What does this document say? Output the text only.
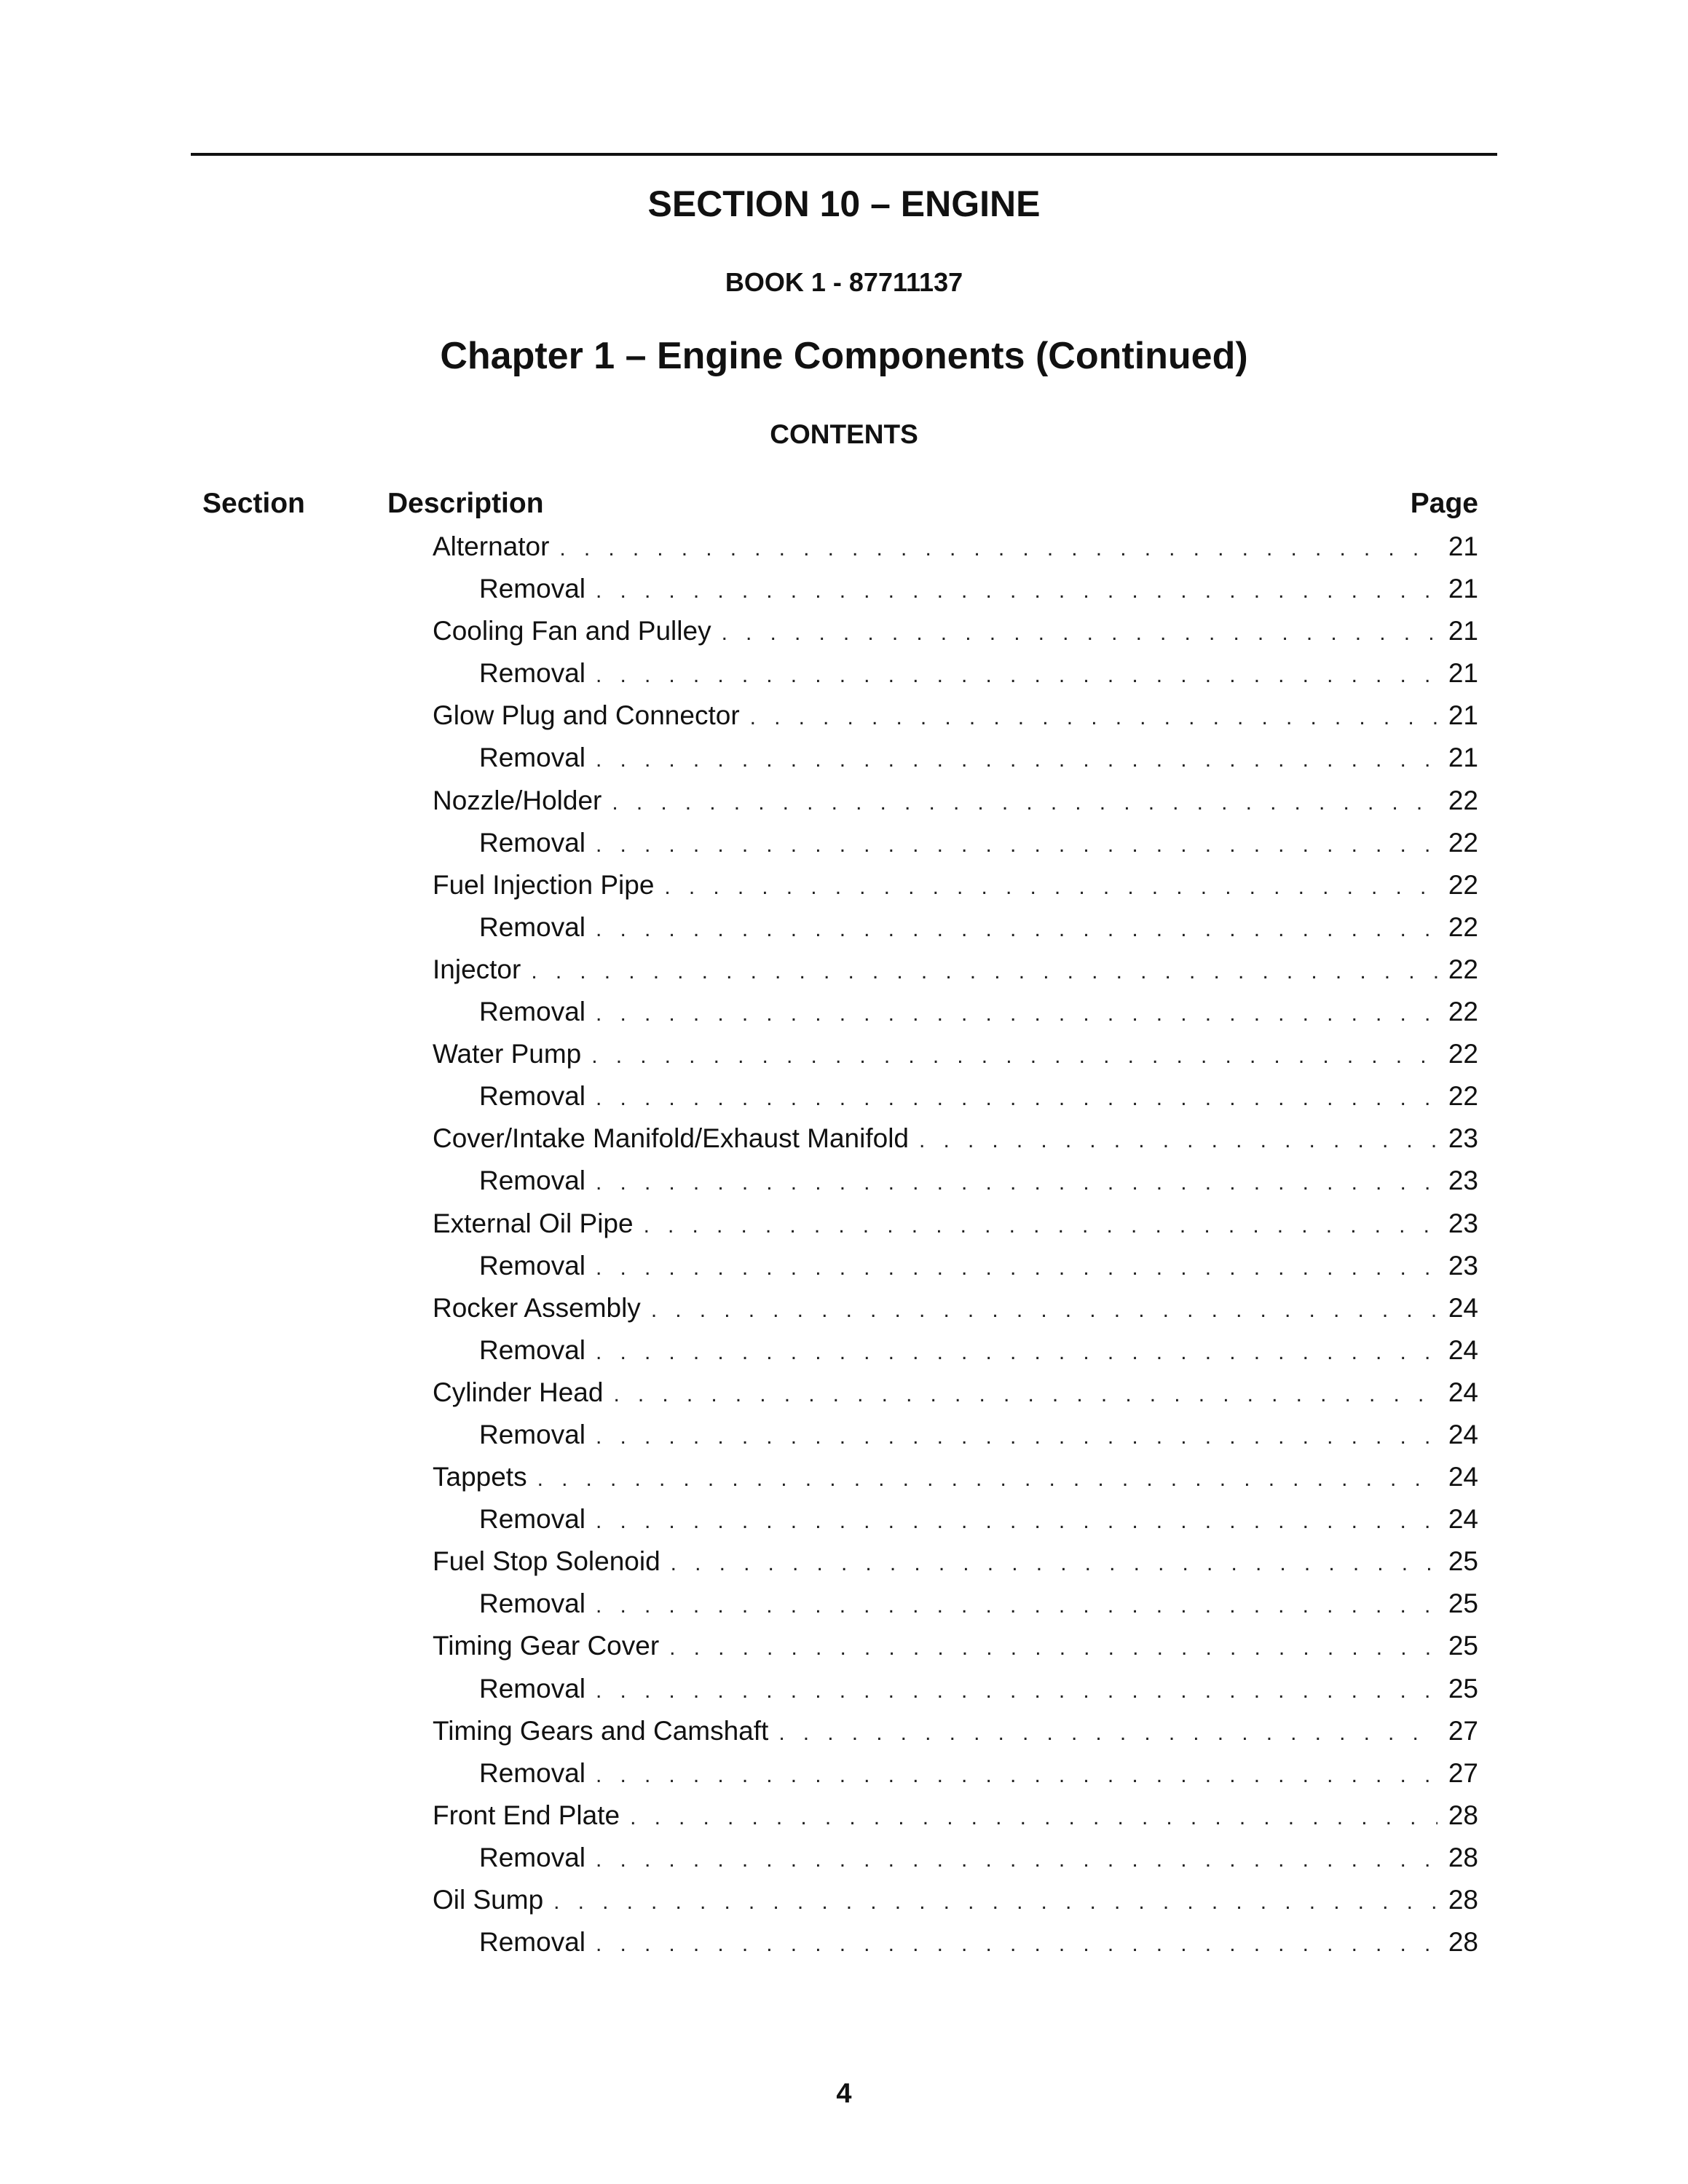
SECTION 10 – ENGINE
BOOK 1 - 87711137
Chapter 1 – Engine Components (Continued)
CONTENTS
Section	Description	Page
Alternator . . .	21
Removal . . .	21
Cooling Fan and Pulley . . .	21
Removal . . .	21
Glow Plug and Connector . . .	21
Removal . . .	21
Nozzle/Holder . . .	22
Removal . . .	22
Fuel Injection Pipe . . .	22
Removal . . .	22
Injector . . .	22
Removal . . .	22
Water Pump . . .	22
Removal . . .	22
Cover/Intake Manifold/Exhaust Manifold . . .	23
Removal . . .	23
External Oil Pipe . . .	23
Removal . . .	23
Rocker Assembly . . .	24
Removal . . .	24
Cylinder Head . . .	24
Removal . . .	24
Tappets . . .	24
Removal . . .	24
Fuel Stop Solenoid . . .	25
Removal . . .	25
Timing Gear Cover . . .	25
Removal . . .	25
Timing Gears and Camshaft . . .	27
Removal . . .	27
Front End Plate . . .	28
Removal . . .	28
Oil Sump . . .	28
Removal . . .	28
4
